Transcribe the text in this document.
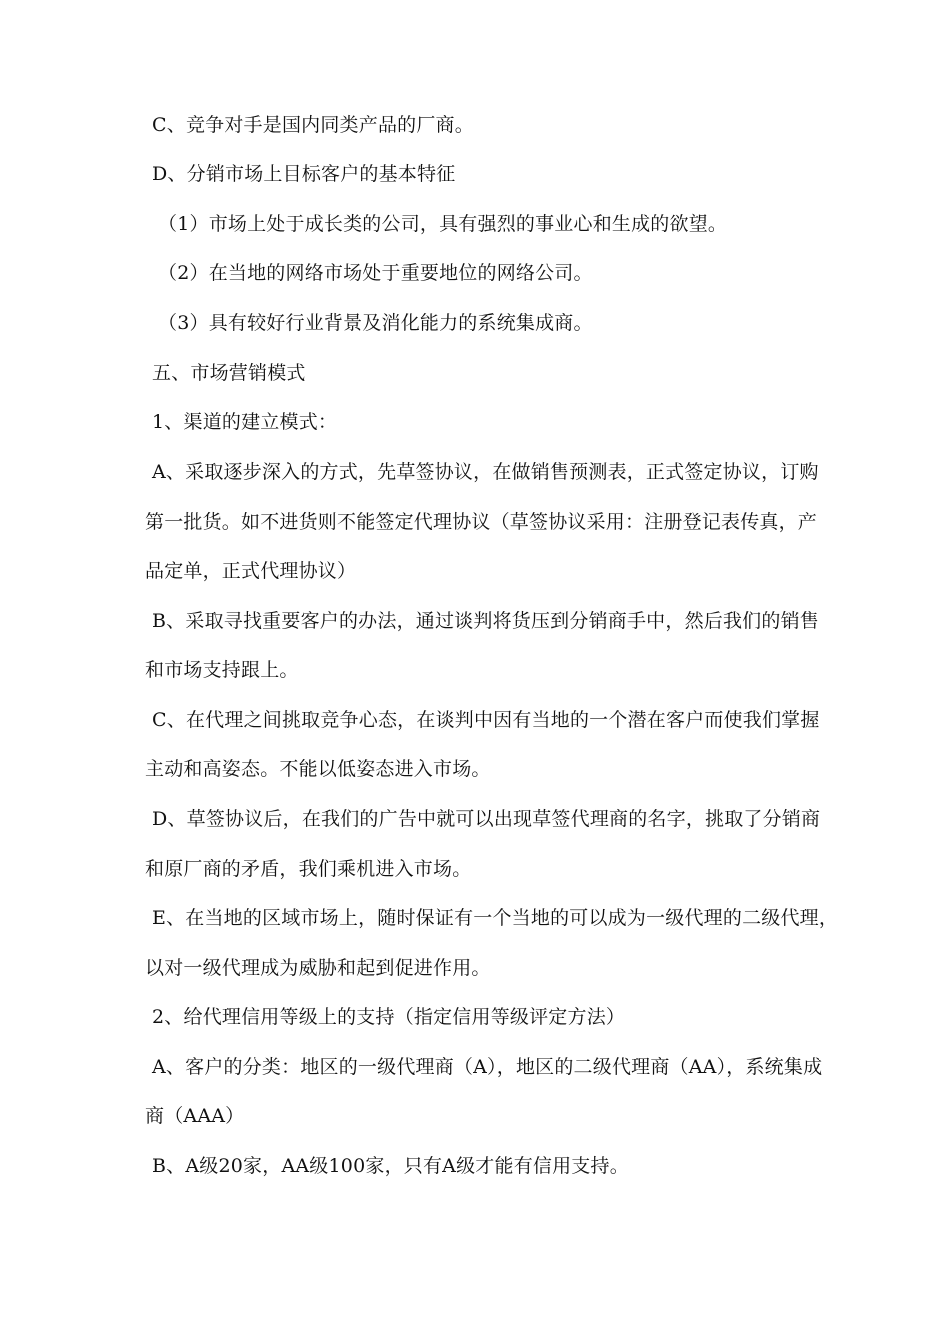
C、竞争对手是国内同类产品的厂商。
D、分销市场上目标客户的基本特征
（1）市场上处于成长类的公司，具有强烈的事业心和生成的欲望。
（2）在当地的网络市场处于重要地位的网络公司。
（3）具有较好行业背景及消化能力的系统集成商。
五、市场营销模式
1、渠道的建立模式：
A、采取逐步深入的方式，先草签协议，在做销售预测表，正式签定协议，订购
第一批货。如不进货则不能签定代理协议（草签协议采用：注册登记表传真，产
品定单，正式代理协议）
B、采取寻找重要客户的办法，通过谈判将货压到分销商手中，然后我们的销售
和市场支持跟上。
C、在代理之间挑取竞争心态，在谈判中因有当地的一个潜在客户而使我们掌握
主动和高姿态。不能以低姿态进入市场。
D、草签协议后，在我们的广告中就可以出现草签代理商的名字，挑取了分销商
和原厂商的矛盾，我们乘机进入市场。
E、在当地的区域市场上，随时保证有一个当地的可以成为一级代理的二级代理，
以对一级代理成为威胁和起到促进作用。
2、给代理信用等级上的支持（指定信用等级评定方法）
A、客户的分类：地区的一级代理商（A），地区的二级代理商（AA），系统集成
商（AAA）
B、A级20家，AA级100家，只有A级才能有信用支持。
